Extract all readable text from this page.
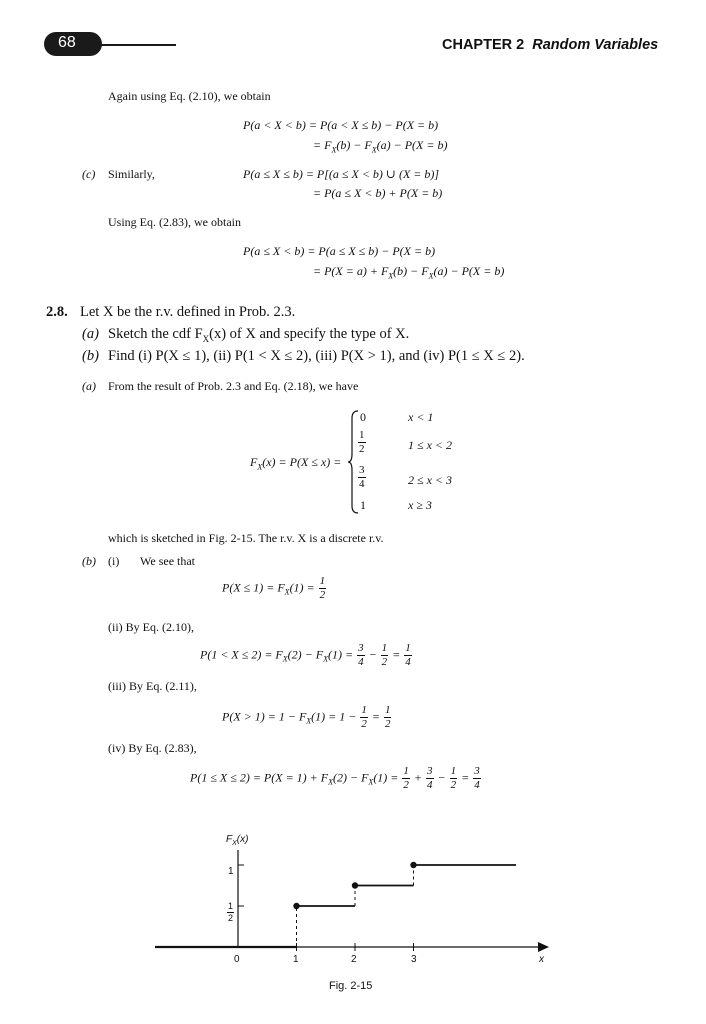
68	CHAPTER 2 Random Variables
Again using Eq. (2.10), we obtain
P(a < X < b) = P(a < X ≤ b) − P(X = b)
= $F_X(b) - F_X(a) - P(X = b)$
(c) Similarly,	P(a ≤ X ≤ b) = P[(a ≤ X < b) ∪ (X = b)]
= P(a ≤ X < b) + P(X = b)
Using Eq. (2.83), we obtain
P(a ≤ X < b) = P(a ≤ X ≤ b) − P(X = b)
= $P(X = a) + F_X(b) - F_X(a) - P(X = b)$
2.8. Let X be the r.v. defined in Prob. 2.3.
(a) Sketch the cdf $F_X(x)$ of X and specify the type of X.
(b) Find (i) P(X ≤ 1), (ii) P(1 < X ≤ 2), (iii) P(X > 1), and (iv) P(1 ≤ X ≤ 2).
(a) From the result of Prob. 2.3 and Eq. (2.18), we have
$F_X(x) = P(X \le x)$ =
0	x < 1
$\frac{1}{2}$	1 ≤ x < 2
$\frac{3}{4}$	2 ≤ x < 3
1	x ≥ 3
which is sketched in Fig. 2-15. The r.v. X is a discrete r.v.
(b) (i) We see that
$P(X \le 1) = F_X(1) = \frac{1}{2}$
(ii) By Eq. (2.10),
$P(1 < X \le 2) = F_X(2) - F_X(1) = \frac{3}{4} - \frac{1}{2} = \frac{1}{4}$
(iii) By Eq. (2.11),
$P(X > 1) = 1 - F_X(1) = 1 - \frac{1}{2} = \frac{1}{2}$
(iv) By Eq. (2.83),
$P(1 \le X \le 2) = P(X = 1) + F_X(2) - F_X(1) = \frac{1}{2} + \frac{3}{4} - \frac{1}{2} = \frac{3}{4}$
$F_X(x)$
1
$\frac{1}{2}$
0	1	2	3	x
Fig. 2-15
